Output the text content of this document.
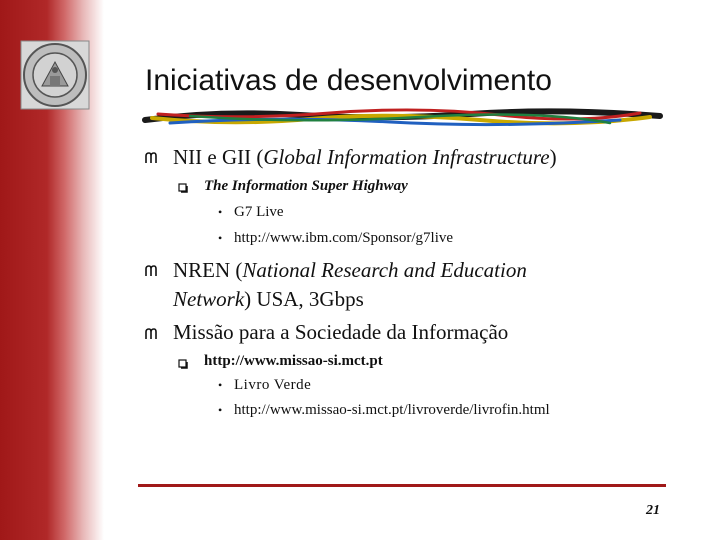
Iniciativas de desenvolvimento
NII e GII (Global Information Infrastructure)
The Information Super Highway
• G7 Live
• http://www.ibm.com/Sponsor/g7live
NREN (National Research and Education
Network) USA, 3Gbps
Missão para a Sociedade da Informação
http://www.missao-si.mct.pt
• Livro Verde
• http://www.missao-si.mct.pt/livroverde/livrofin.html
21
